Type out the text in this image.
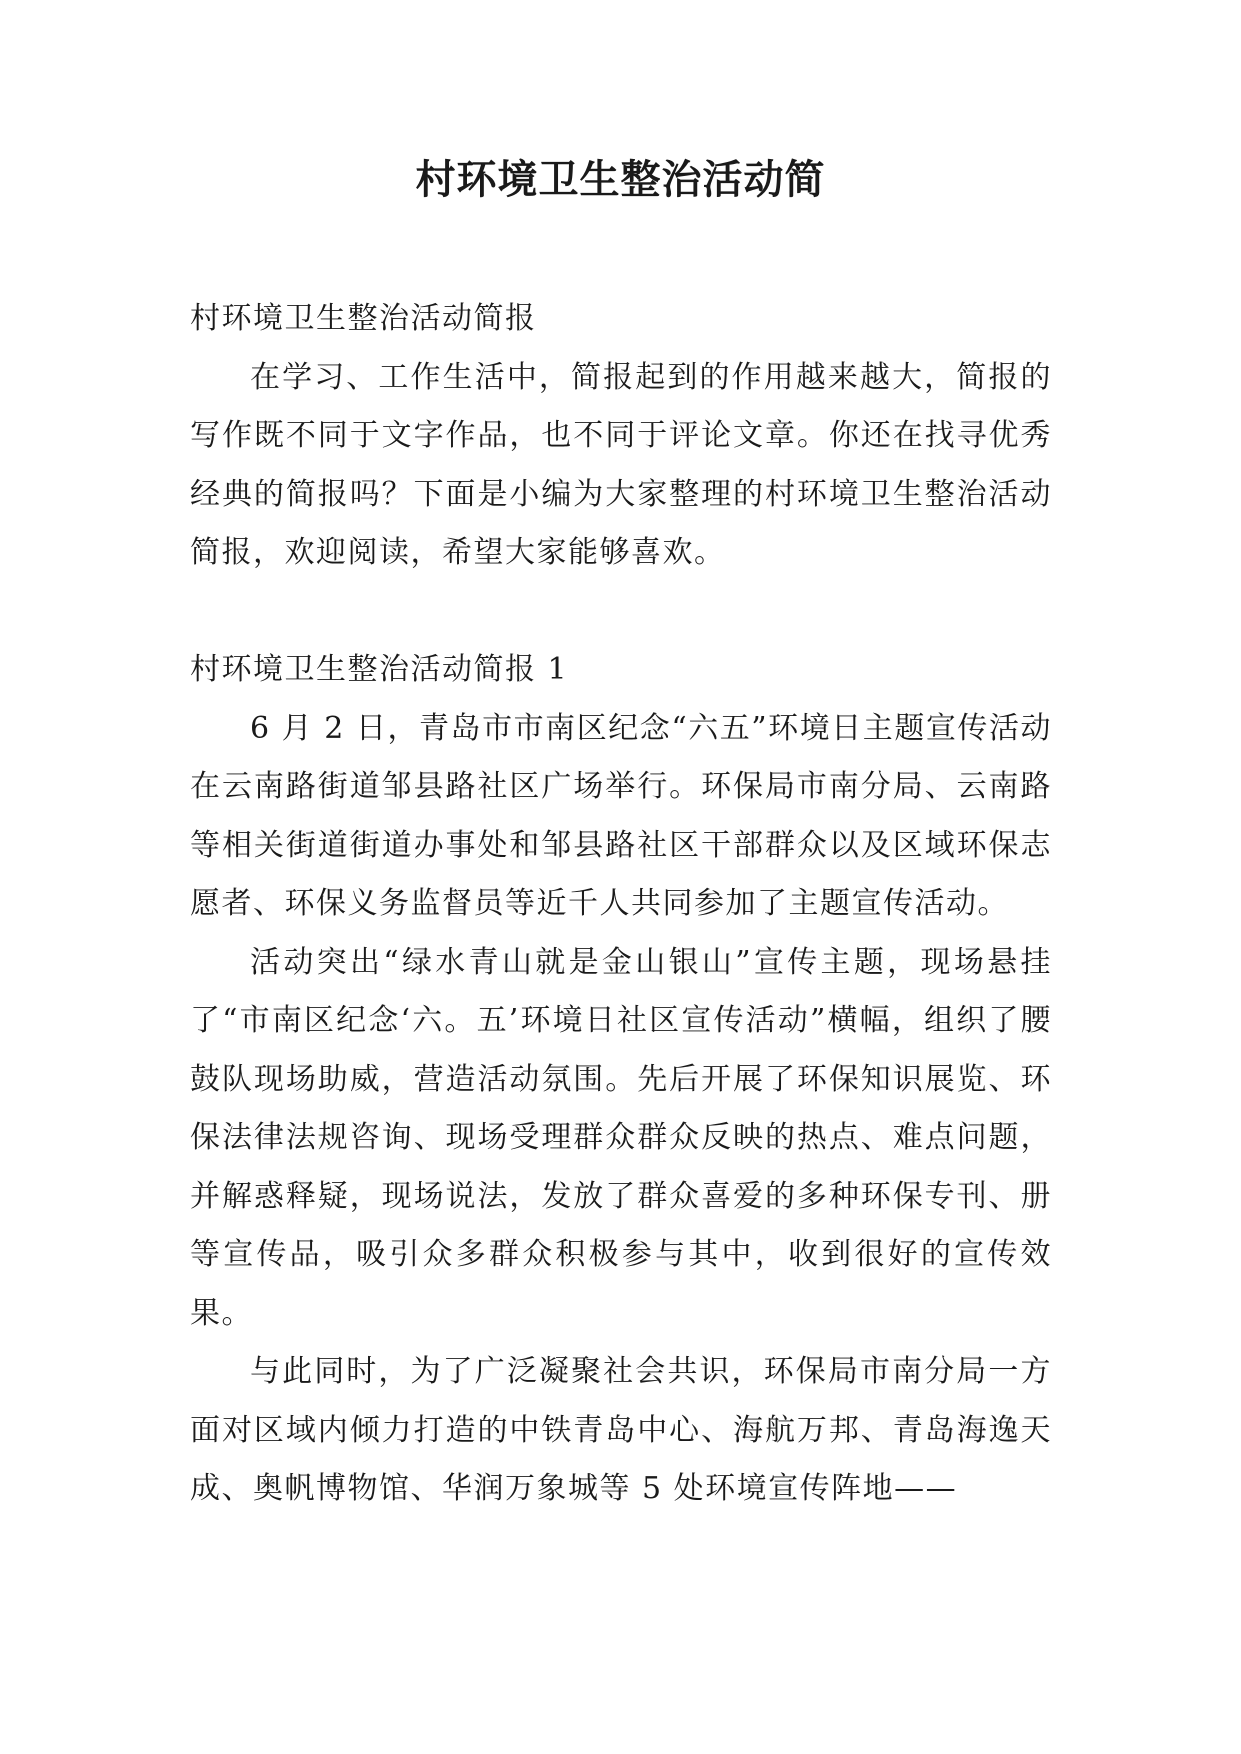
村环境卫生整治活动简

村环境卫生整治活动简报

在学习、工作生活中，简报起到的作用越来越大，简报的写作既不同于文字作品，也不同于评论文章。你还在找寻优秀经典的简报吗？下面是小编为大家整理的村环境卫生整治活动简报，欢迎阅读，希望大家能够喜欢。

村环境卫生整治活动简报 1

6 月 2 日，青岛市市南区纪念“六五”环境日主题宣传活动在云南路街道邹县路社区广场举行。环保局市南分局、云南路等相关街道街道办事处和邹县路社区干部群众以及区域环保志愿者、环保义务监督员等近千人共同参加了主题宣传活动。

活动突出“绿水青山就是金山银山”宣传主题，现场悬挂了“市南区纪念‘六。五’环境日社区宣传活动”横幅，组织了腰鼓队现场助威，营造活动氛围。先后开展了环保知识展览、环保法律法规咨询、现场受理群众群众反映的热点、难点问题，并解惑释疑，现场说法，发放了群众喜爱的多种环保专刊、册等宣传品，吸引众多群众积极参与其中，收到很好的宣传效果。

与此同时，为了广泛凝聚社会共识，环保局市南分局一方面对区域内倾力打造的中铁青岛中心、海航万邦、青岛海逸天成、奥帆博物馆、华润万象城等 5 处环境宣传阵地——
